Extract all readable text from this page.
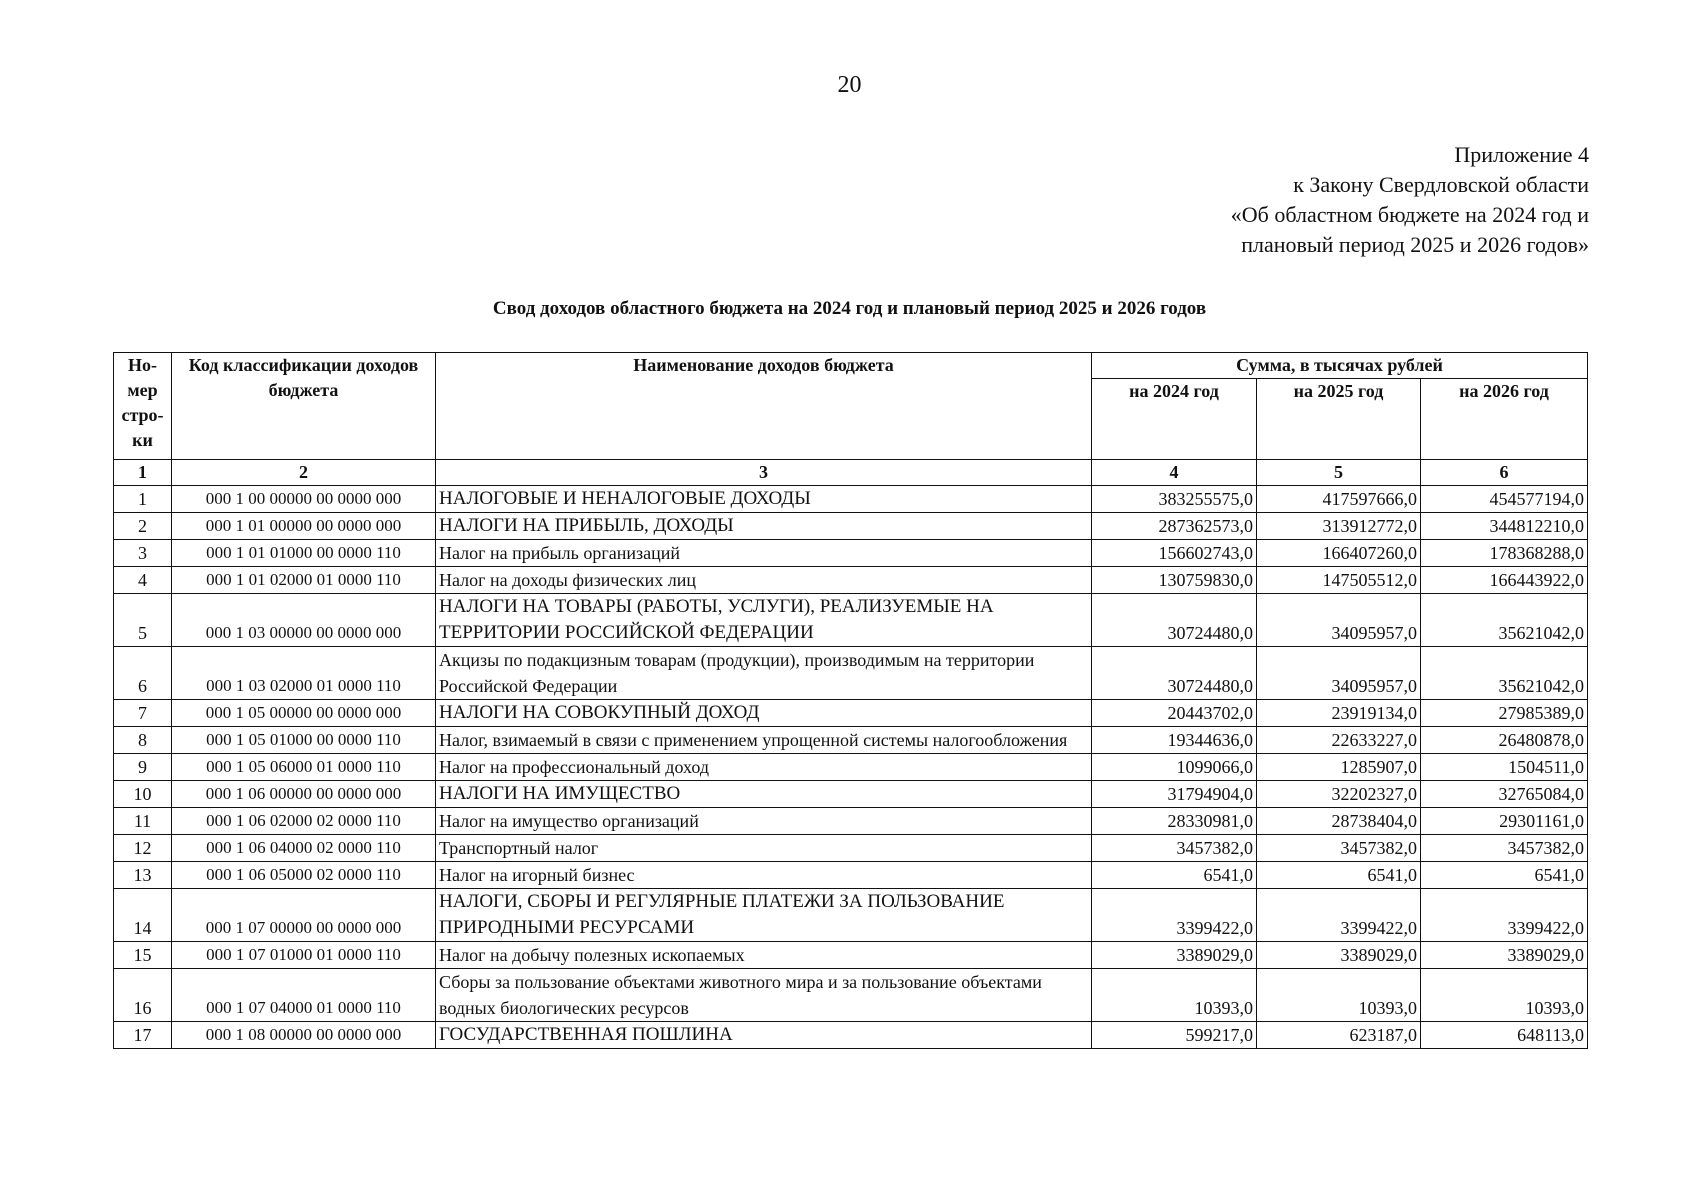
20
Приложение 4
к Закону Свердловской области
«Об областном бюджете на 2024 год и
плановый период 2025 и 2026 годов»
Свод доходов областного бюджета на 2024 год и плановый период 2025 и 2026 годов
Но- мер стро- ки	Код классификации доходов бюджета	Наименование доходов бюджета	Сумма, в тысячах рублей		
			на 2024 год	на 2025 год	на 2026 год
1	2	3	4	5	6
1	000 1 00 00000 00 0000 000	НАЛОГОВЫЕ И НЕНАЛОГОВЫЕ ДОХОДЫ	383255575,0	417597666,0	454577194,0
2	000 1 01 00000 00 0000 000	НАЛОГИ НА ПРИБЫЛЬ, ДОХОДЫ	287362573,0	313912772,0	344812210,0
3	000 1 01 01000 00 0000 110	Налог на прибыль организаций	156602743,0	166407260,0	178368288,0
4	000 1 01 02000 01 0000 110	Налог на доходы физических лиц	130759830,0	147505512,0	166443922,0
5	000 1 03 00000 00 0000 000	НАЛОГИ НА ТОВАРЫ (РАБОТЫ, УСЛУГИ), РЕАЛИЗУЕМЫЕ НА ТЕРРИТОРИИ РОССИЙСКОЙ ФЕДЕРАЦИИ	30724480,0	34095957,0	35621042,0
6	000 1 03 02000 01 0000 110	Акцизы по подакцизным товарам (продукции), производимым на территории Российской Федерации	30724480,0	34095957,0	35621042,0
7	000 1 05 00000 00 0000 000	НАЛОГИ НА СОВОКУПНЫЙ ДОХОД	20443702,0	23919134,0	27985389,0
8	000 1 05 01000 00 0000 110	Налог, взимаемый в связи с применением упрощенной системы налогообложения	19344636,0	22633227,0	26480878,0
9	000 1 05 06000 01 0000 110	Налог на профессиональный доход	1099066,0	1285907,0	1504511,0
10	000 1 06 00000 00 0000 000	НАЛОГИ НА ИМУЩЕСТВО	31794904,0	32202327,0	32765084,0
11	000 1 06 02000 02 0000 110	Налог на имущество организаций	28330981,0	28738404,0	29301161,0
12	000 1 06 04000 02 0000 110	Транспортный налог	3457382,0	3457382,0	3457382,0
13	000 1 06 05000 02 0000 110	Налог на игорный бизнес	6541,0	6541,0	6541,0
14	000 1 07 00000 00 0000 000	НАЛОГИ, СБОРЫ И РЕГУЛЯРНЫЕ ПЛАТЕЖИ ЗА ПОЛЬЗОВАНИЕ ПРИРОДНЫМИ РЕСУРСАМИ	3399422,0	3399422,0	3399422,0
15	000 1 07 01000 01 0000 110	Налог на добычу полезных ископаемых	3389029,0	3389029,0	3389029,0
16	000 1 07 04000 01 0000 110	Сборы за пользование объектами животного мира и за пользование объектами водных биологических ресурсов	10393,0	10393,0	10393,0
17	000 1 08 00000 00 0000 000	ГОСУДАРСТВЕННАЯ ПОШЛИНА	599217,0	623187,0	648113,0
